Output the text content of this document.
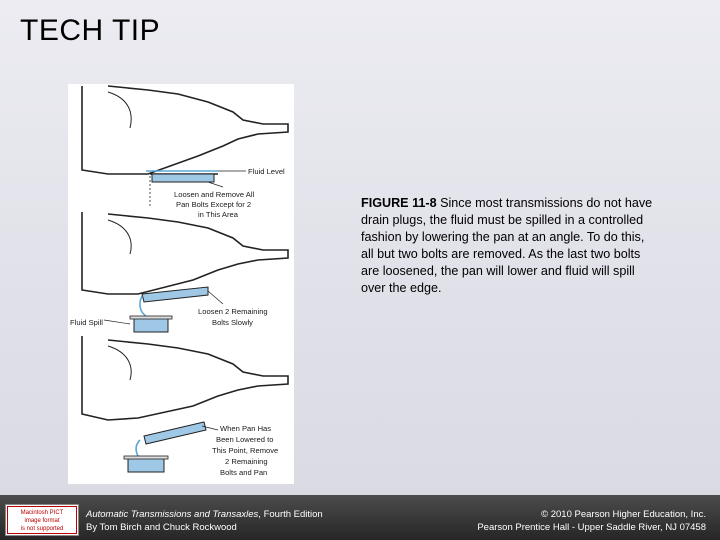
TECH TIP
Fluid Level
Loosen and Remove All
Pan Bolts Except for 2
in This Area
Fluid Spill
Loosen 2 Remaining
Bolts Slowly
When Pan Has
Been Lowered to
This Point, Remove
2 Remaining
Bolts and Pan
FIGURE 11-8 Since most transmissions do not have drain plugs, the fluid must be spilled in a controlled fashion by lowering the pan at an angle. To do this, all but two bolts are removed. As the last two bolts are loosened, the pan will lower and fluid will spill over the edge.
Macintosh PICT
image format
is not supported
Automatic Transmissions and Transaxles, Fourth Edition
By Tom Birch and Chuck Rockwood
© 2010 Pearson Higher Education, Inc.
Pearson Prentice Hall - Upper Saddle River, NJ 07458
